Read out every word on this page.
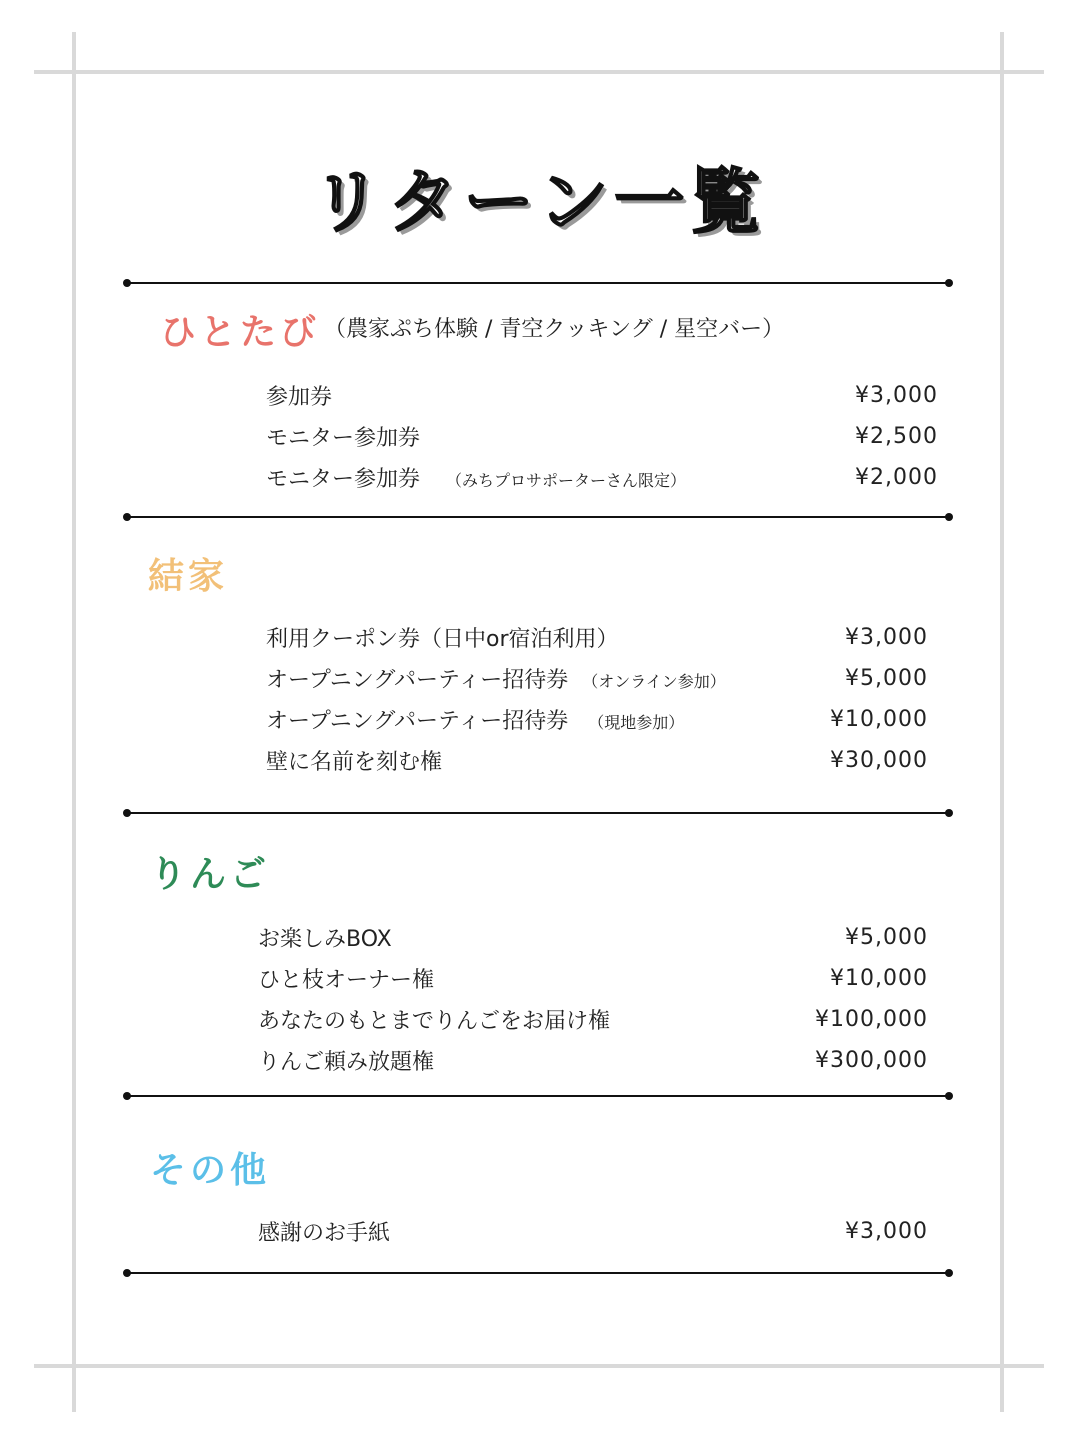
リターン一覧
ひとたび （農家ぷち体験 / 青空クッキング / 星空バー）
参加券	¥3,000
モニター参加券	¥2,500
モニター参加券 （みちプロサポーターさん限定）	¥2,000
結家
利用クーポン券（日中or宿泊利用）	¥3,000
オープニングパーティー招待券 （オンライン参加）	¥5,000
オープニングパーティー招待券 （現地参加）	¥10,000
壁に名前を刻む権	¥30,000
りんご
お楽しみBOX	¥5,000
ひと枝オーナー権	¥10,000
あなたのもとまでりんごをお届け権	¥100,000
りんご頼み放題権	¥300,000
その他
感謝のお手紙	¥3,000
